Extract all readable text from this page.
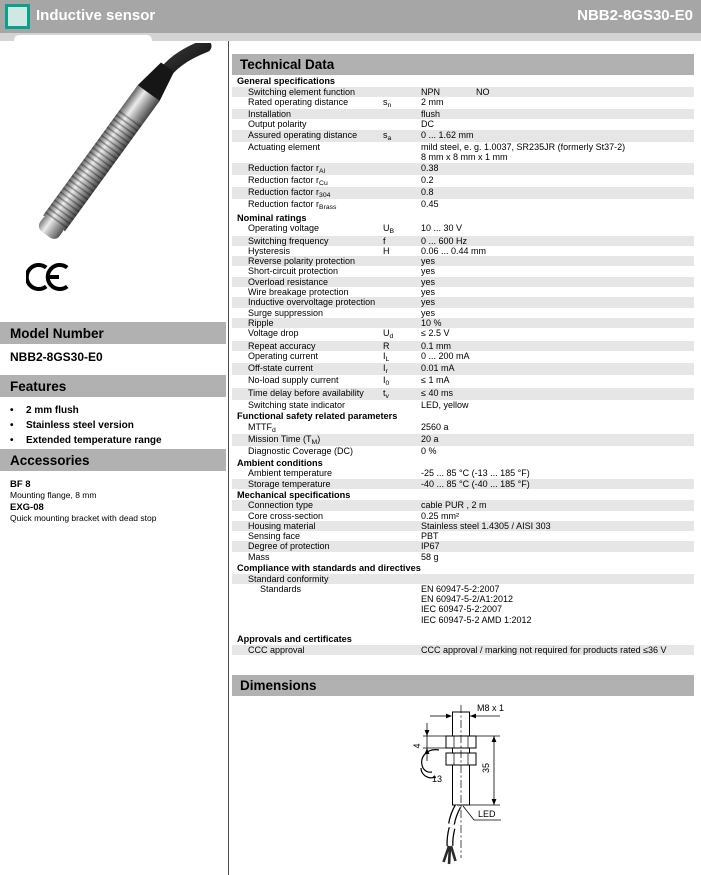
Inductive sensor	NBB2-8GS30-E0
Model Number
NBB2-8GS30-E0
Features
•	2 mm flush
•	Stainless steel version
•	Extended temperature range
Accessories
BF 8
Mounting flange, 8 mm
EXG-08
Quick mounting bracket with dead stop
Technical Data
General specifications
Switching element function	NPN	NO
Rated operating distance	$s_n$	2 mm
Installation	flush
Output polarity	DC
Assured operating distance	$s_a$	0 ... 1.62 mm
Actuating element	mild steel, e. g. 1.0037, SR235JR (formerly St37-2)
8 mm x 8 mm x 1 mm
Reduction factor $r_{Al}$	0.38
Reduction factor $r_{Cu}$	0.2
Reduction factor $r_{304}$	0.8
Reduction factor $r_{Brass}$	0.45
Nominal ratings
Operating voltage	$U_B$	10 ... 30 V
Switching frequency	f	0 ... 600 Hz
Hysteresis	H	0.06 ... 0.44 mm
Reverse polarity protection	yes
Short-circuit protection	yes
Overload resistance	yes
Wire breakage protection	yes
Inductive overvoltage protection	yes
Surge suppression	yes
Ripple	10 %
Voltage drop	$U_d$	≤ 2.5 V
Repeat accuracy	R	0.1 mm
Operating current	$I_L$	0 ... 200 mA
Off-state current	$I_r$	0.01 mA
No-load supply current	$I_0$	≤ 1 mA
Time delay before availability	$t_v$	≤ 40 ms
Switching state indicator	LED, yellow
Functional safety related parameters
$MTTF_d$	2560 a
Mission Time $(T_M)$	20 a
Diagnostic Coverage (DC)	0 %
Ambient conditions
Ambient temperature	-25 ... 85 °C (-13 ... 185 °F)
Storage temperature	-40 ... 85 °C (-40 ... 185 °F)
Mechanical specifications
Connection type	cable PUR , 2 m
Core cross-section	0.25 mm²
Housing material	Stainless steel 1.4305 / AISI 303
Sensing face	PBT
Degree of protection	IP67
Mass	58 g
Compliance with standards and directives
Standard conformity
Standards	EN 60947-5-2:2007
EN 60947-5-2/A1:2012
IEC 60947-5-2:2007
IEC 60947-5-2 AMD 1:2012
Approvals and certificates
CCC approval	CCC approval / marking not required for products rated ≤36 V
Dimensions
M8 x 1
4
13
35
LED
